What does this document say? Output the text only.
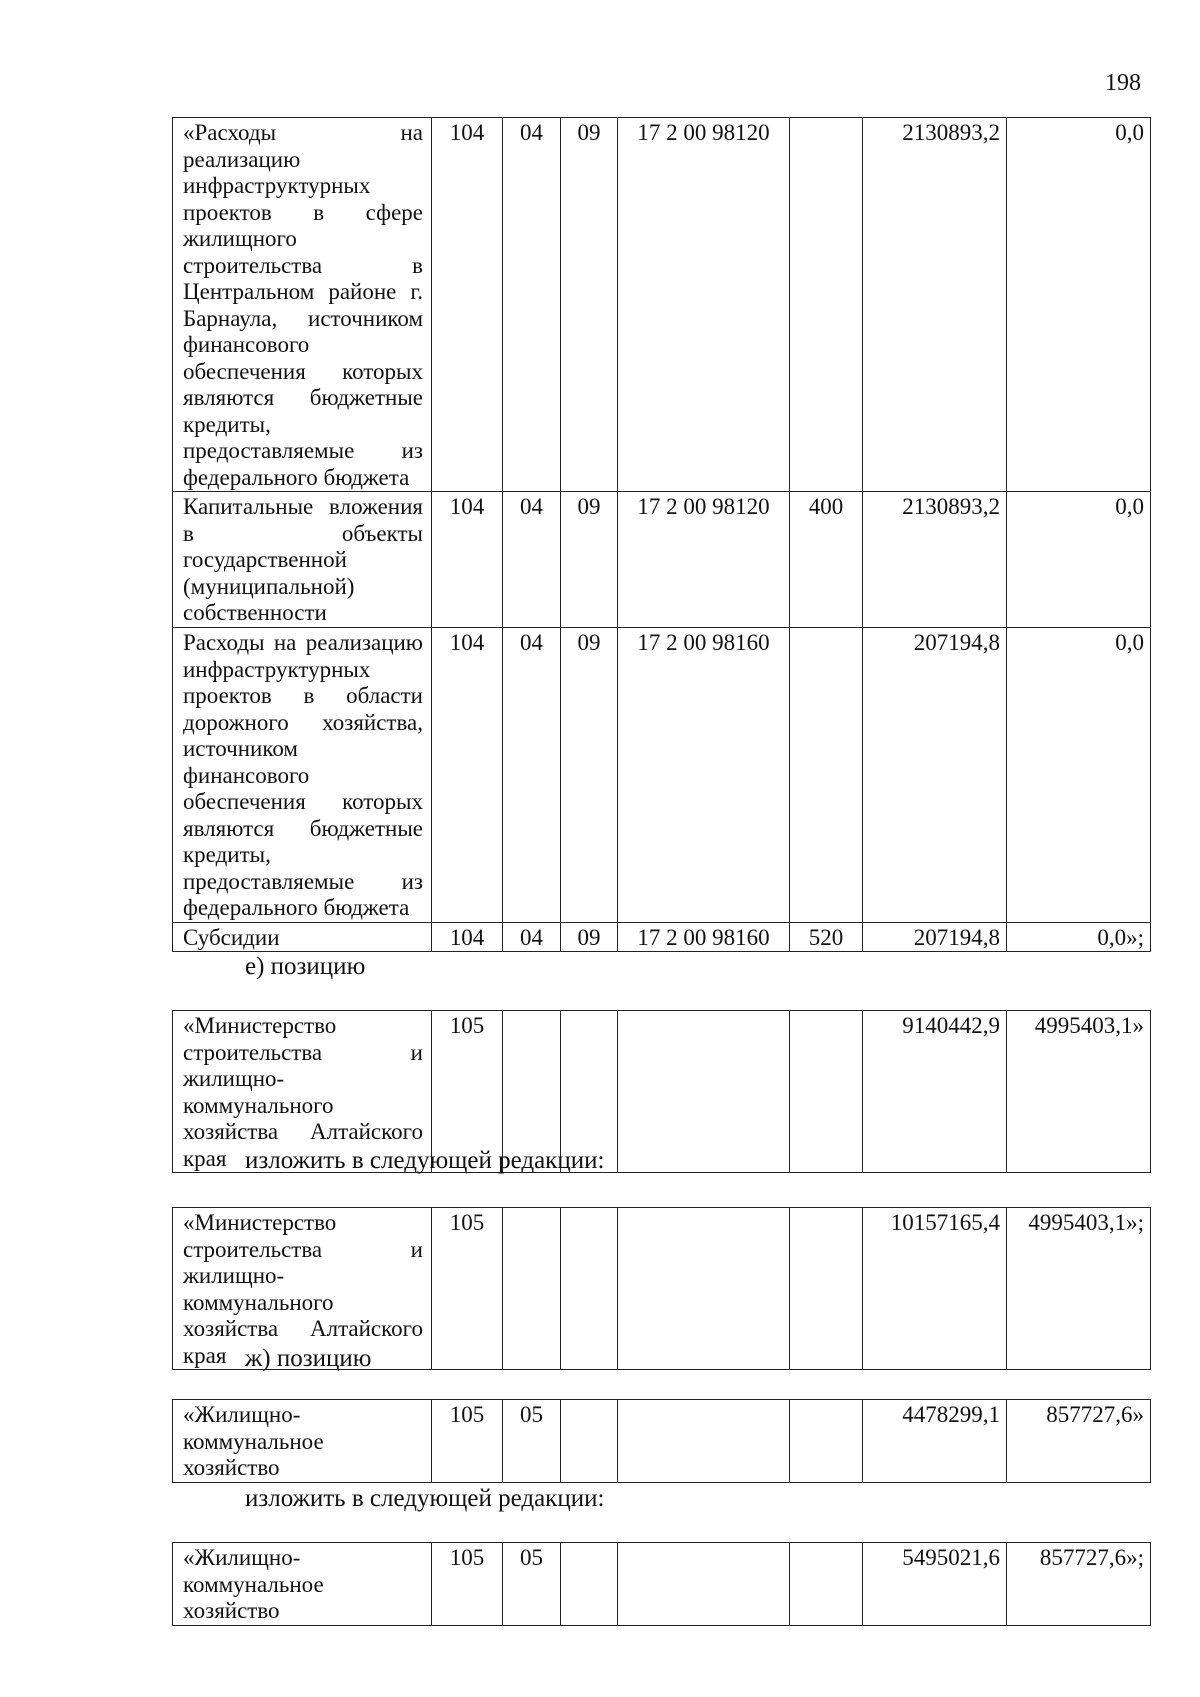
198
«Расходы на реализацию инфраструктурных проектов в сфере жилищного строительства в Центральном районе г. Барнаула, источником финансового обеспечения которых являются бюджетные кредиты, предоставляемые из федерального бюджета	104	04	09	17 2 00 98120		2130893,2	0,0
Капитальные вложения в объекты государственной (муниципальной) собственности	104	04	09	17 2 00 98120	400	2130893,2	0,0
Расходы на реализацию инфраструктурных проектов в области дорожного хозяйства, источником финансового обеспечения которых являются бюджетные кредиты, предоставляемые из федерального бюджета	104	04	09	17 2 00 98160		207194,8	0,0
Субсидии	104	04	09	17 2 00 98160	520	207194,8	0,0»;
е) позицию
«Министерство строительства и жилищно-коммунального хозяйства Алтайского края	105					9140442,9	4995403,1»
изложить в следующей редакции:
«Министерство строительства и жилищно-коммунального хозяйства Алтайского края	105					10157165,4	4995403,1»;
ж) позицию
«Жилищно-коммунальное хозяйство	105	05				4478299,1	857727,6»
изложить в следующей редакции:
«Жилищно-коммунальное хозяйство	105	05				5495021,6	857727,6»;
